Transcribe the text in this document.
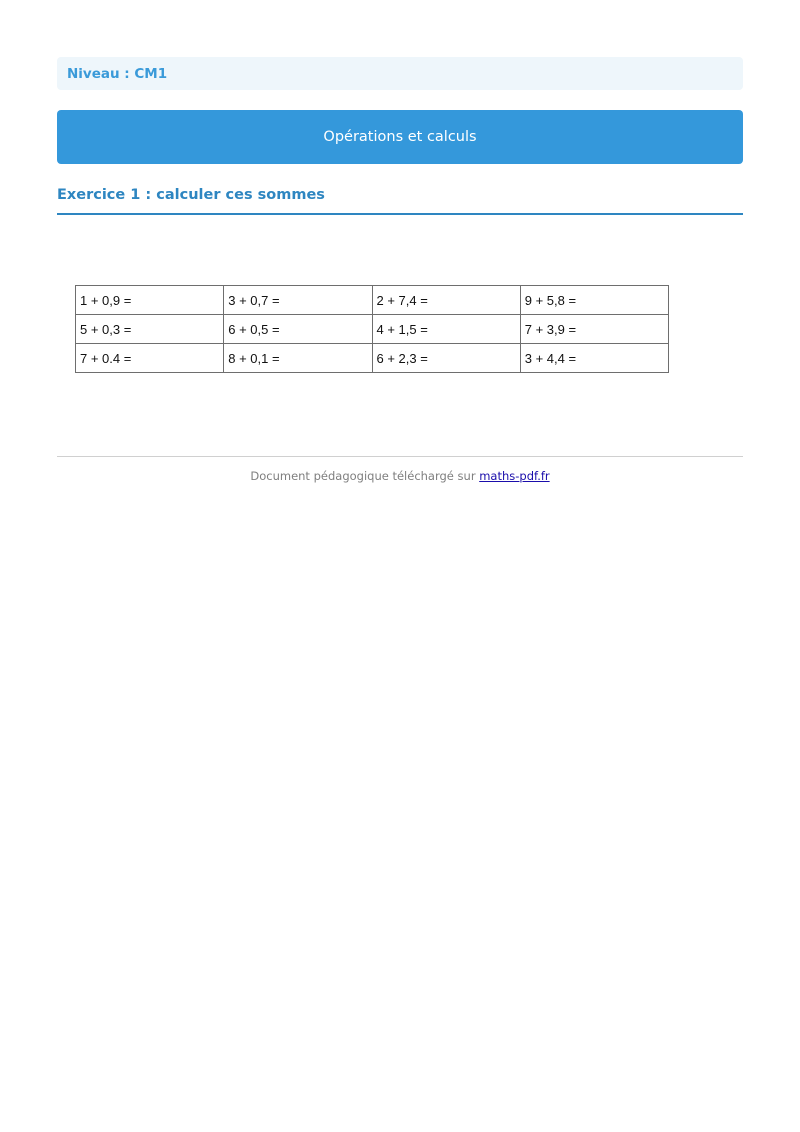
Niveau : CM1
Opérations et calculs
Exercice 1 : calculer ces sommes
1 + 0,9 =	3 + 0,7 =	2 + 7,4 =	9 + 5,8 =
5 + 0,3 =	6 + 0,5 =	4 + 1,5 =	7 + 3,9 =
7 + 0.4 =	8 + 0,1 =	6 + 2,3 =	3 + 4,4 =
Document pédagogique téléchargé sur maths-pdf.fr
